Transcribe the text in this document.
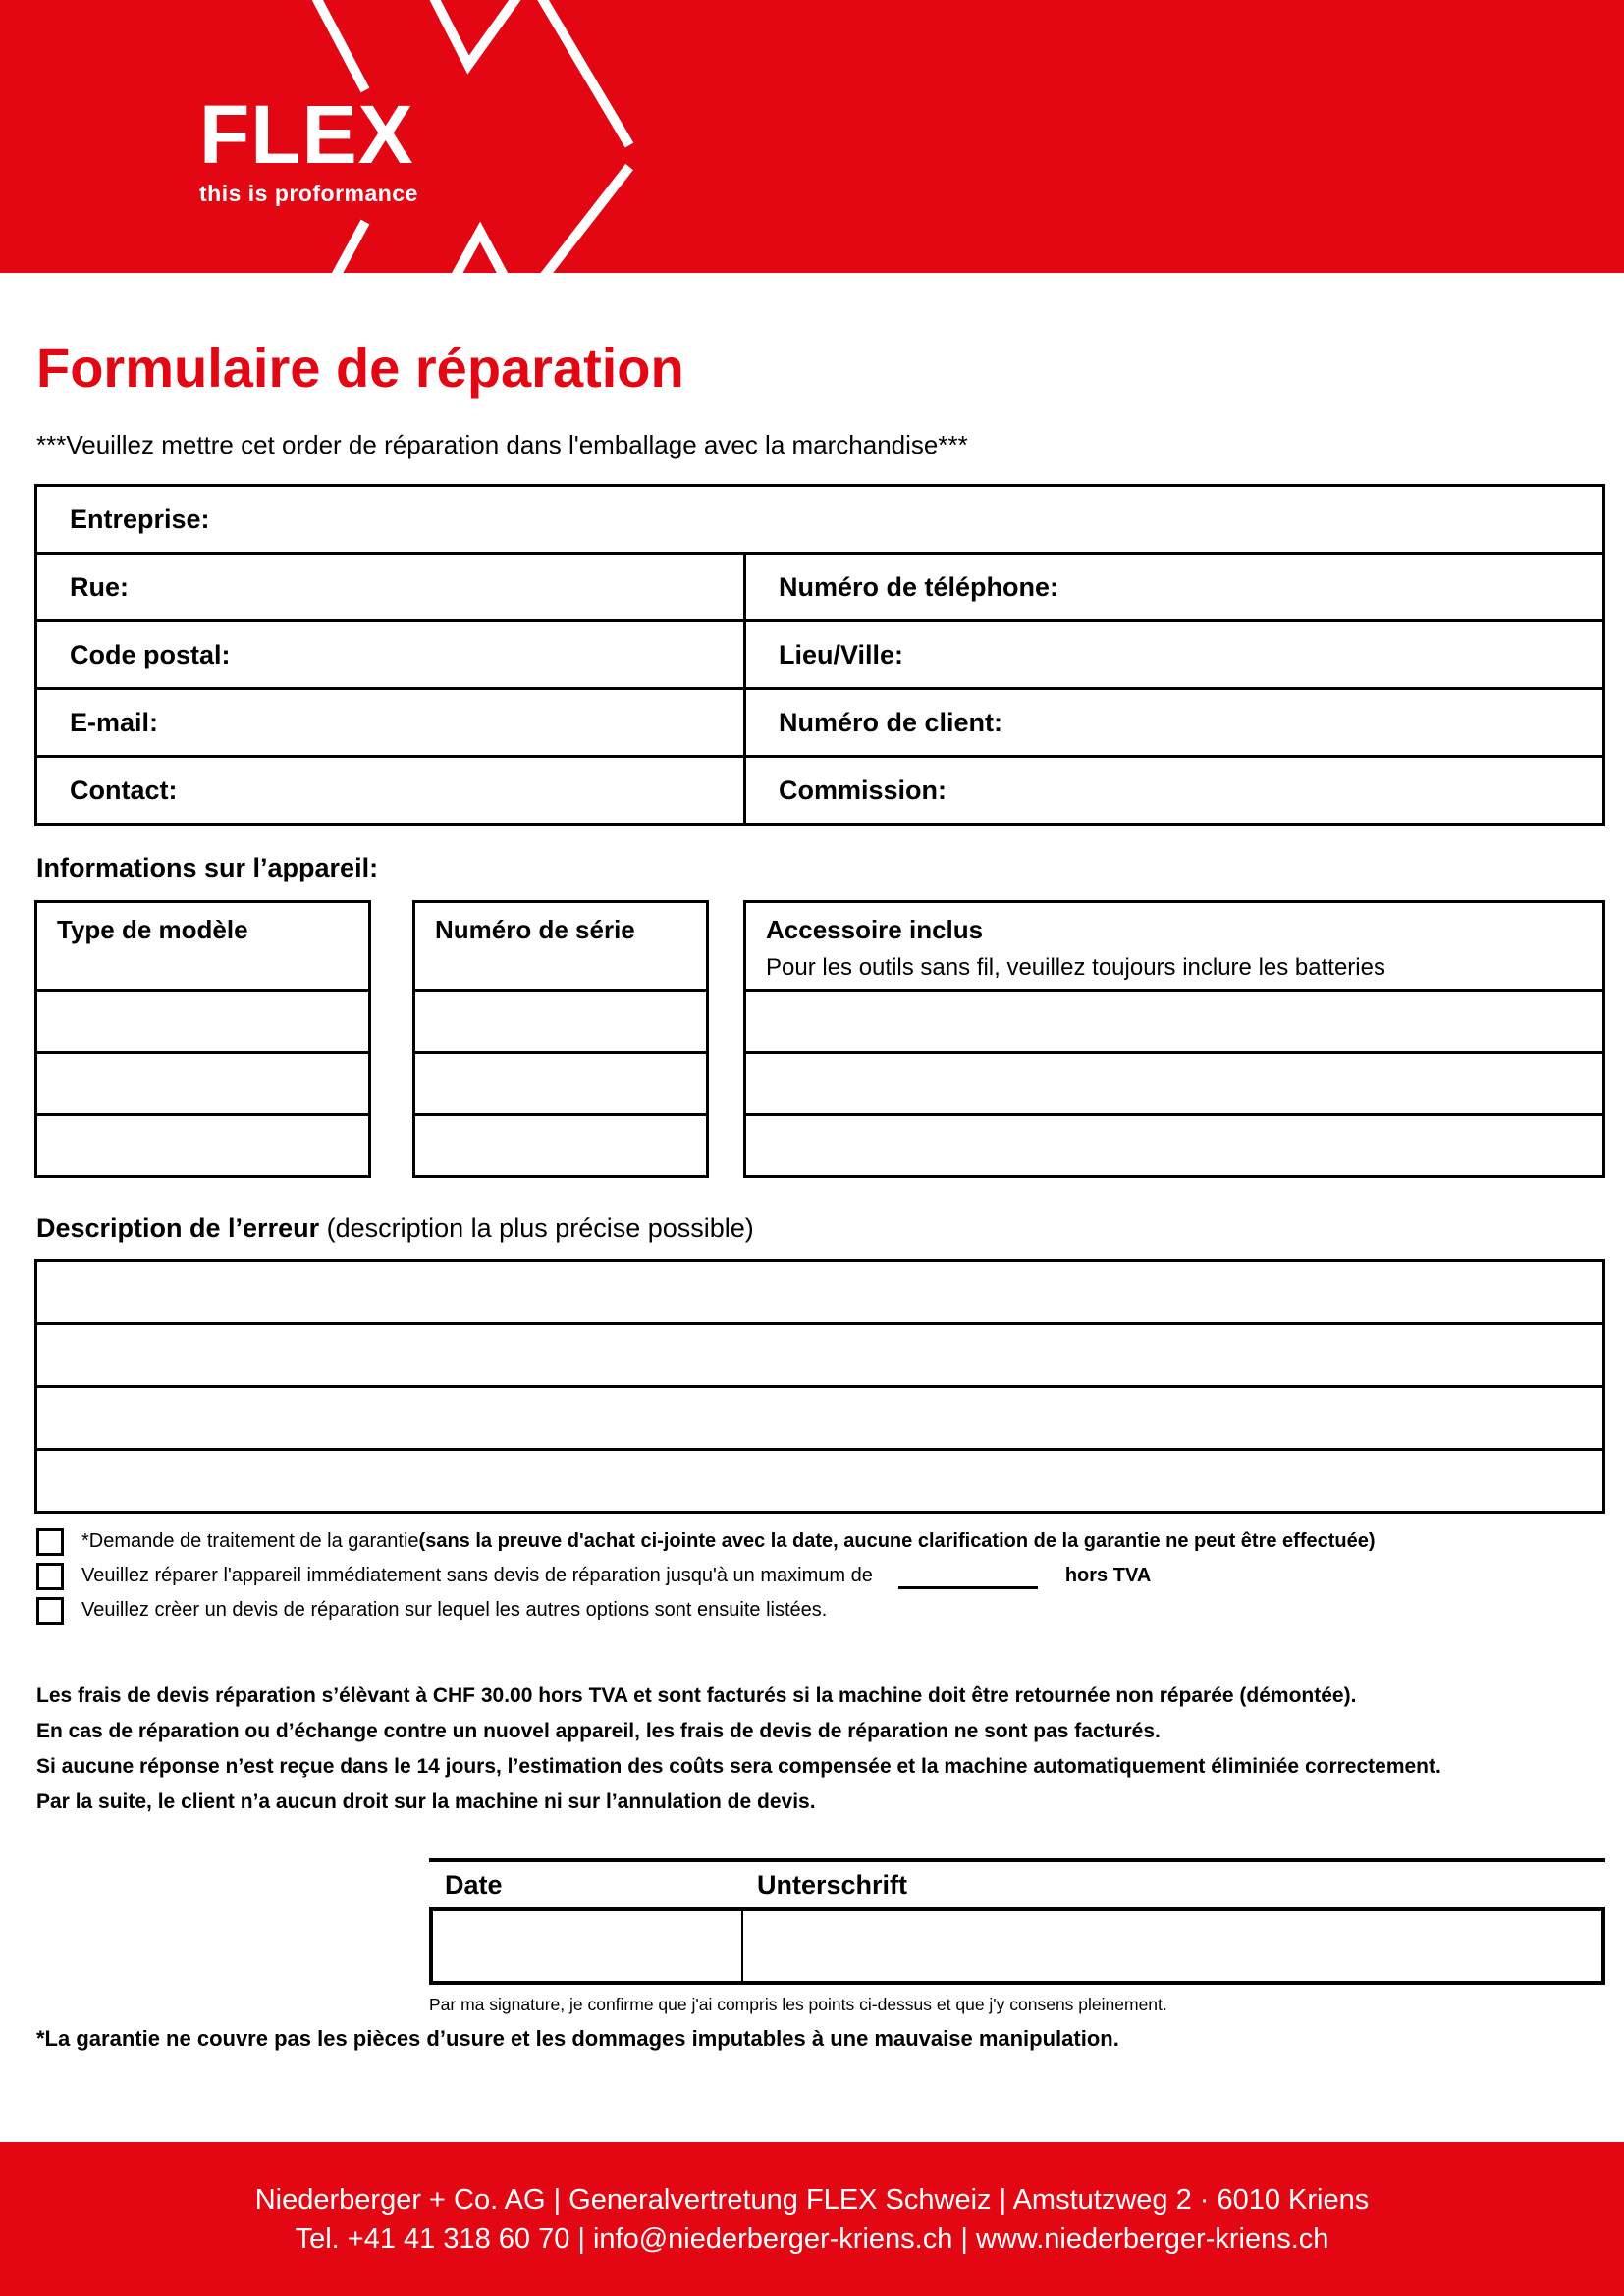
FLEX
this is proformance
Formulaire de réparation
***Veuillez mettre cet order de réparation dans l'emballage avec la marchandise***
Entreprise:
Rue:	Numéro de téléphone:
Code postal:	Lieu/Ville:
E-mail:	Numéro de client:
Contact:	Commission:
Informations sur l’appareil:
Type de modèle	Numéro de série	Accessoire inclus
Pour les outils sans fil, veuillez toujours inclure les batteries
Description de l’erreur (description la plus précise possible)
*Demande de traitement de la garantie (sans la preuve d'achat ci-jointe avec la date, aucune clarification de la garantie ne peut être effectuée)
Veuillez réparer l'appareil immédiatement sans devis de réparation jusqu'à un maximum de	hors TVA
Veuillez crèer un devis de réparation sur lequel les autres options sont ensuite listées.
Les frais de devis réparation s’élèvant à CHF 30.00 hors TVA et sont facturés si la machine doit être retournée non réparée (démontée).
En cas de réparation ou d’échange contre un nuovel appareil, les frais de devis de réparation ne sont pas facturés.
Si aucune réponse n’est reçue dans le 14 jours, l’estimation des coûts sera compensée et la machine automatiquement éliminiée correctement.
Par la suite, le client n’a aucun droit sur la machine ni sur l’annulation de devis.
Date	Unterschrift
Par ma signature, je confirme que j'ai compris les points ci-dessus et que j'y consens pleinement.
*La garantie ne couvre pas les pièces d’usure et les dommages imputables à une mauvaise manipulation.
Niederberger + Co. AG | Generalvertretung FLEX Schweiz | Amstutzweg 2 · 6010 Kriens
Tel. +41 41 318 60 70 | info@niederberger-kriens.ch | www.niederberger-kriens.ch
